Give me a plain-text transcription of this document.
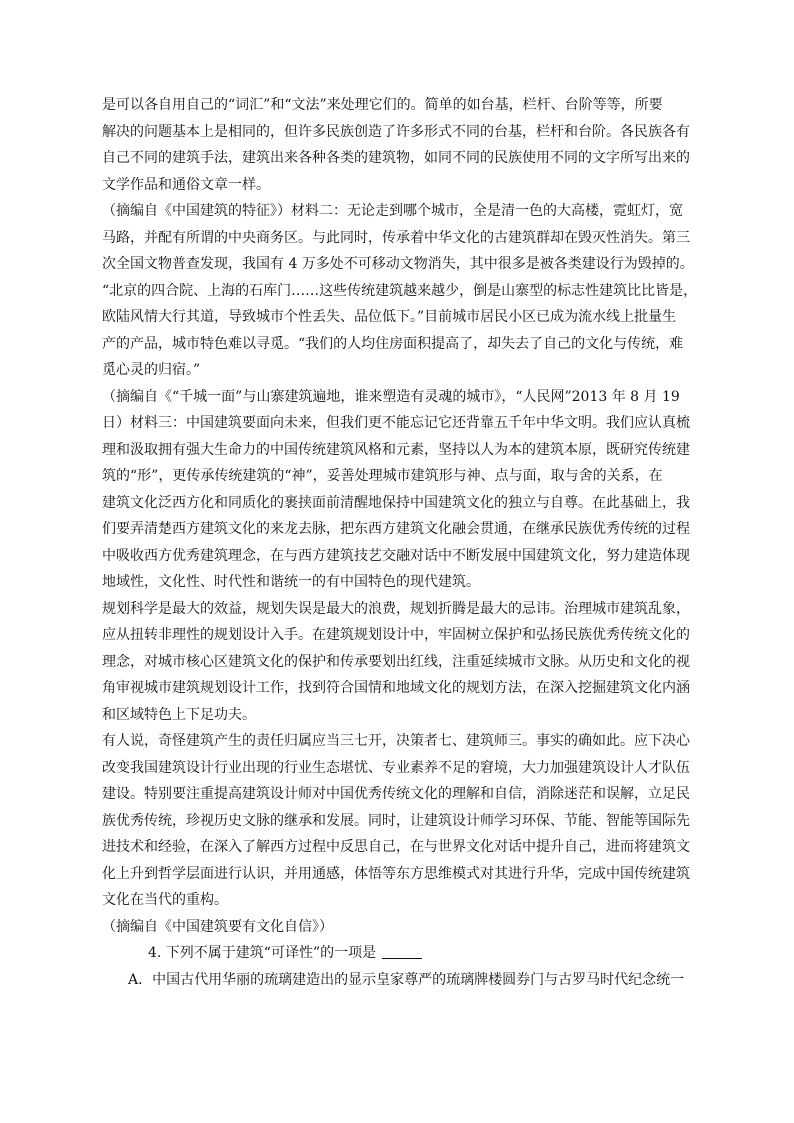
是可以各自用自己的“词汇”和“文法”来处理它们的。简单的如台基，栏杆、台阶等等，所要
解决的问题基本上是相同的，但许多民族创造了许多形式不同的台基，栏杆和台阶。各民族各有
自己不同的建筑手法，建筑出来各种各类的建筑物，如同不同的民族使用不同的文字所写出来的
文学作品和通俗文章一样。
（摘编自《中国建筑的特征》）材料二：无论走到哪个城市，全是清一色的大高楼，霓虹灯，宽
马路，并配有所谓的中央商务区。与此同时，传承着中华文化的古建筑群却在毁灭性消失。第三
次全国文物普查发现，我国有 4 万多处不可移动文物消失，其中很多是被各类建设行为毁掉的。
“北京的四合院、上海的石库门……这些传统建筑越来越少，倒是山寨型的标志性建筑比比皆是，
欧陆风情大行其道，导致城市个性丢失、品位低下。”目前城市居民小区已成为流水线上批量生
产的产品，城市特色难以寻觅。“我们的人均住房面积提高了，却失去了自己的文化与传统，难
觅心灵的归宿。”
（摘编自《“千城一面”与山寨建筑遍地，谁来塑造有灵魂的城市》，“人民网”2013 年 8 月 19
日）材料三：中国建筑要面向未来，但我们更不能忘记它还背靠五千年中华文明。我们应认真梳
理和汲取拥有强大生命力的中国传统建筑风格和元素，坚持以人为本的建筑本原，既研究传统建
筑的“形”，更传承传统建筑的“神”，妥善处理城市建筑形与神、点与面，取与舍的关系，在
建筑文化泛西方化和同质化的裹挟面前清醒地保持中国建筑文化的独立与自尊。在此基础上，我
们要弄清楚西方建筑文化的来龙去脉，把东西方建筑文化融会贯通，在继承民族优秀传统的过程
中吸收西方优秀建筑理念，在与西方建筑技艺交融对话中不断发展中国建筑文化，努力建造体现
地域性，文化性、时代性和谐统一的有中国特色的现代建筑。
规划科学是最大的效益，规划失误是最大的浪费，规划折腾是最大的忌讳。治理城市建筑乱象，
应从扭转非理性的规划设计入手。在建筑规划设计中，牢固树立保护和弘扬民族优秀传统文化的
理念，对城市核心区建筑文化的保护和传承要划出红线，注重延续城市文脉。从历史和文化的视
角审视城市建筑规划设计工作，找到符合国情和地域文化的规划方法，在深入挖掘建筑文化内涵
和区域特色上下足功夫。
有人说，奇怪建筑产生的责任归属应当三七开，决策者七、建筑师三。事实的确如此。应下决心
改变我国建筑设计行业出现的行业生态堪忧、专业素养不足的窘境，大力加强建筑设计人才队伍
建设。特别要注重提高建筑设计师对中国优秀传统文化的理解和自信，消除迷茫和误解，立足民
族优秀传统，珍视历史文脉的继承和发展。同时，让建筑设计师学习环保、节能、智能等国际先
进技术和经验，在深入了解西方过程中反思自己，在与世界文化对话中提升自己，进而将建筑文
化上升到哲学层面进行认识，并用通感，体悟等东方思维模式对其进行升华，完成中国传统建筑
文化在当代的重构。
（摘编自《中国建筑要有文化自信》）
4. 下列不属于建筑“可译性”的一项是
A．中国古代用华丽的琉璃建造出的显示皇家尊严的琉璃牌楼圆券门与古罗马时代纪念统一
